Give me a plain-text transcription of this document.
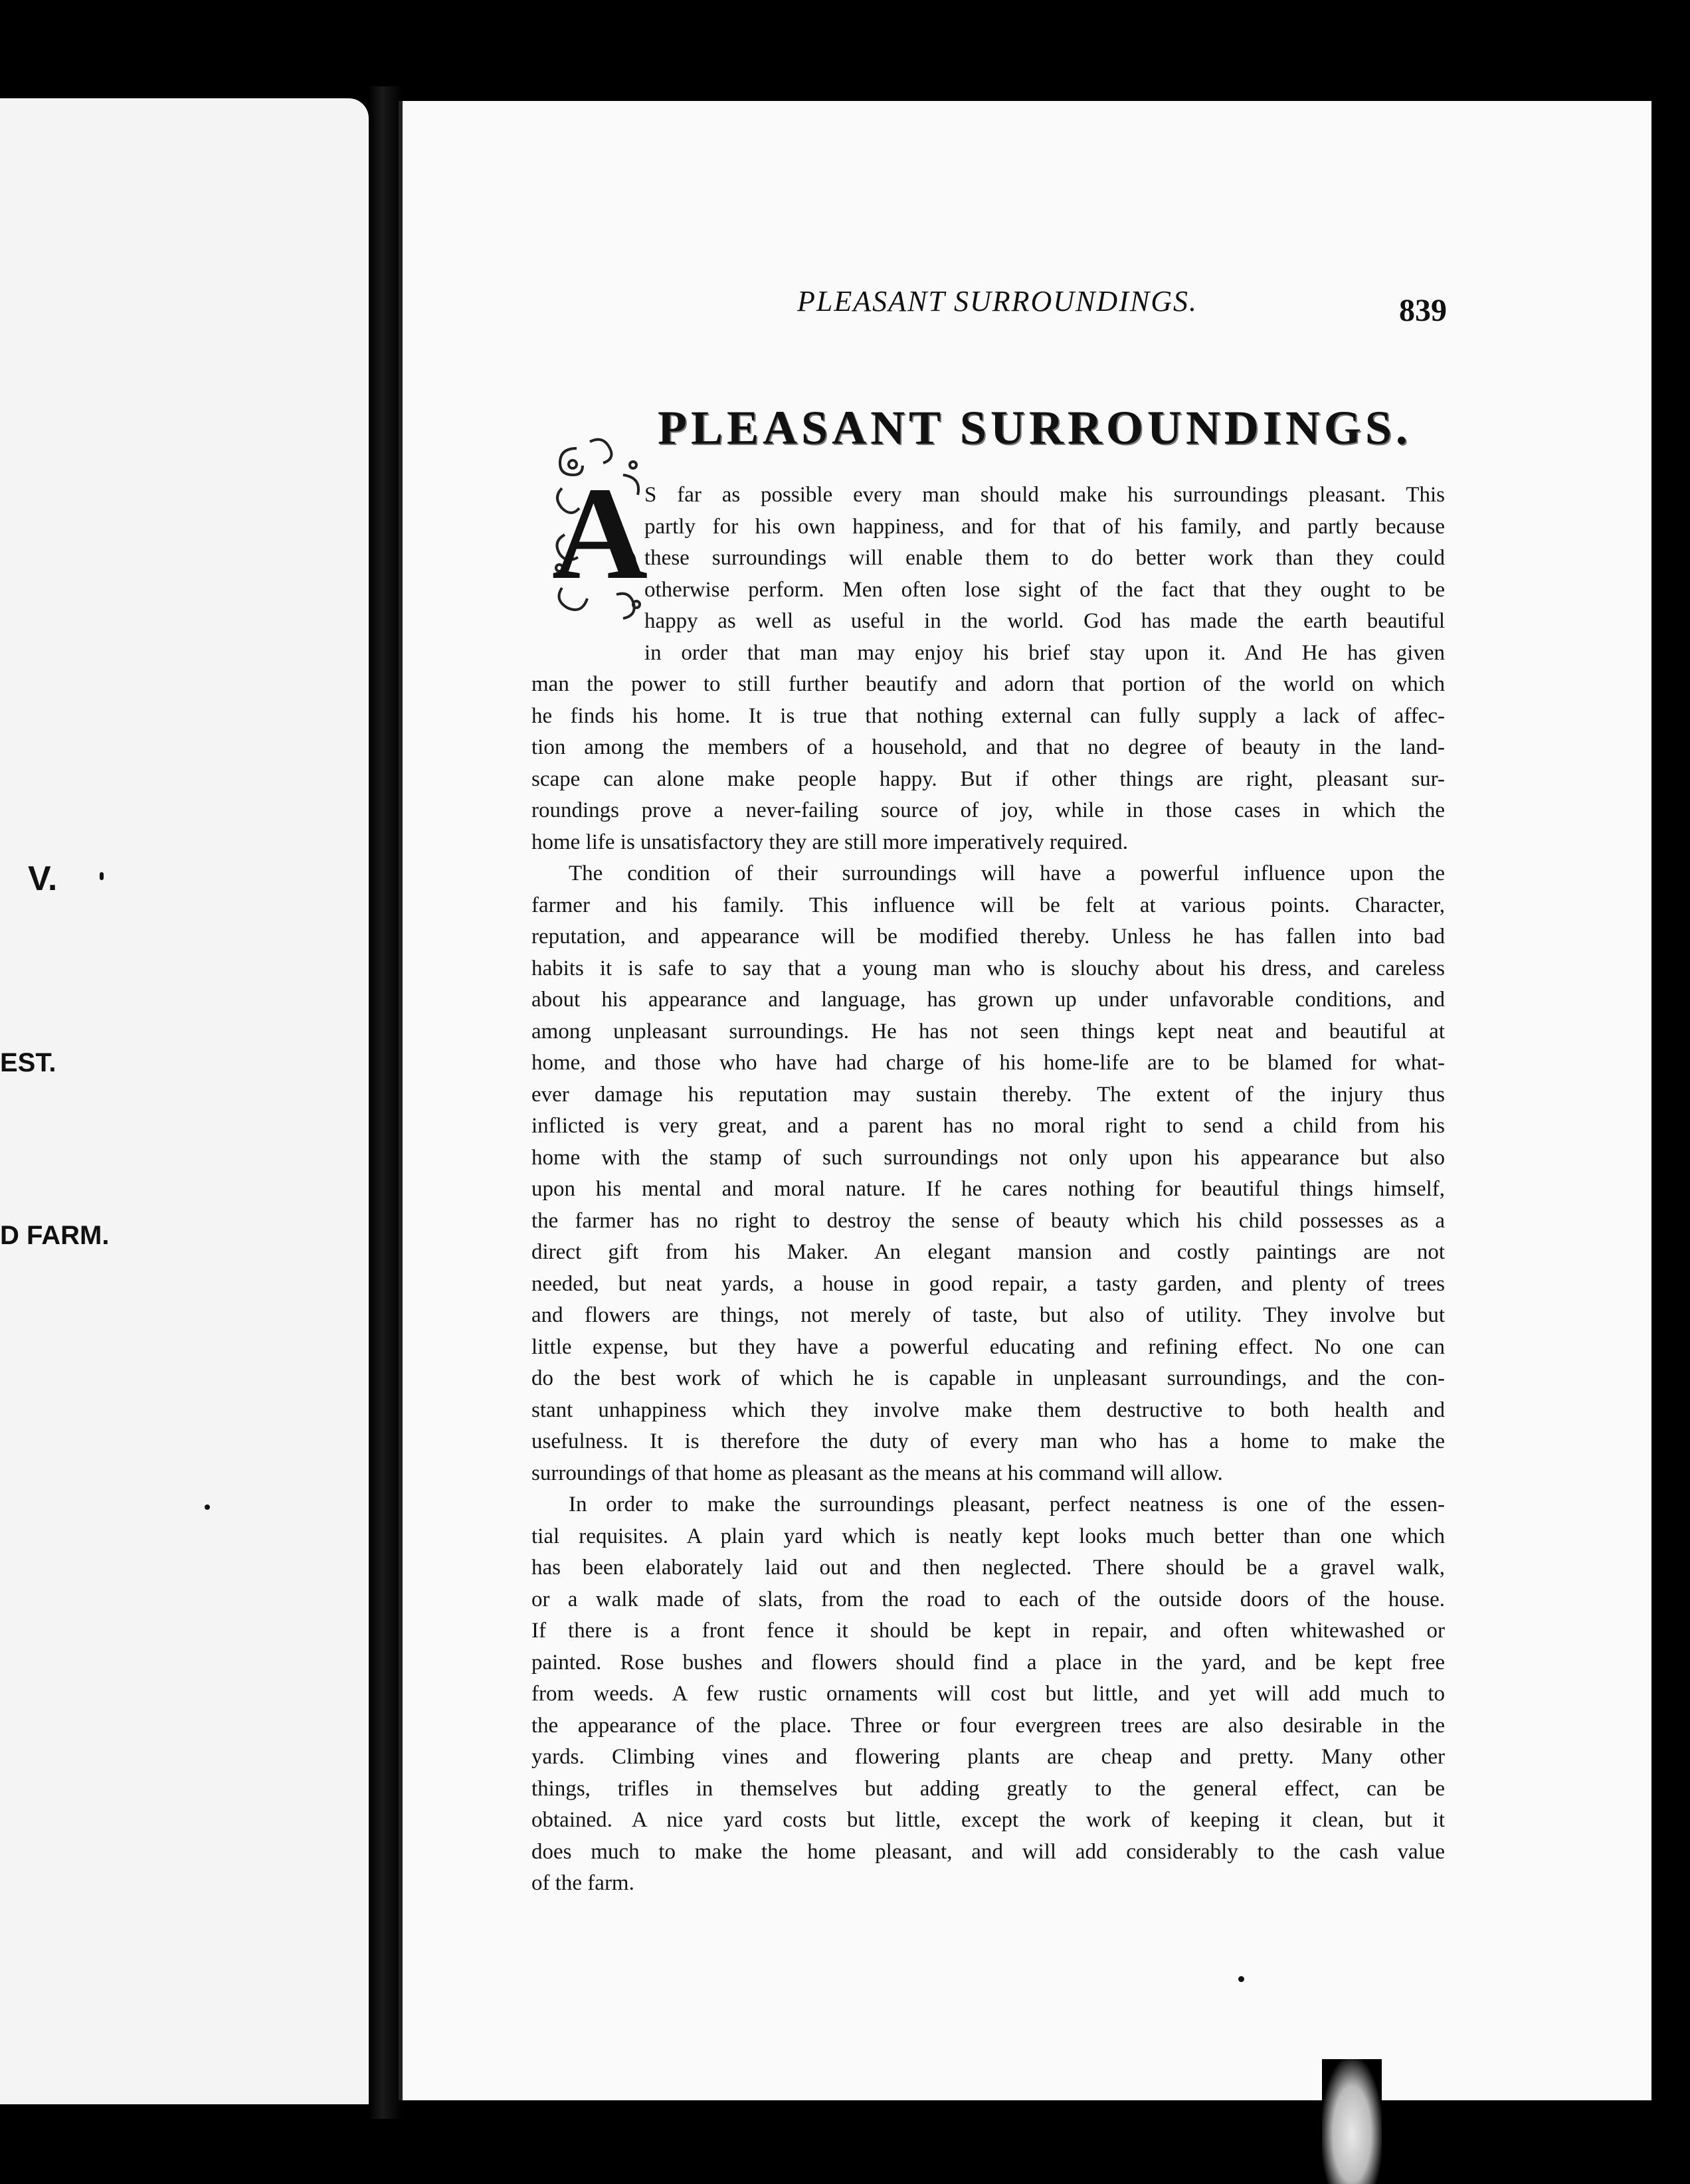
V.
EST.
D FARM.
PLEASANT SURROUNDINGS.	839
PLEASANT SURROUNDINGS.
A
S far as possible every man should make his surroundings pleasant. This
partly for his own happiness, and for that of his family, and partly because
these surroundings will enable them to do better work than they could
otherwise perform. Men often lose sight of the fact that they ought to be
happy as well as useful in the world. God has made the earth beautiful
in order that man may enjoy his brief stay upon it. And He has given
man the power to still further beautify and adorn that portion of the world on which
he finds his home. It is true that nothing external can fully supply a lack of affec-
tion among the members of a household, and that no degree of beauty in the land-
scape can alone make people happy. But if other things are right, pleasant sur-
roundings prove a never-failing source of joy, while in those cases in which the
home life is unsatisfactory they are still more imperatively required.
The condition of their surroundings will have a powerful influence upon the
farmer and his family. This influence will be felt at various points. Character,
reputation, and appearance will be modified thereby. Unless he has fallen into bad
habits it is safe to say that a young man who is slouchy about his dress, and careless
about his appearance and language, has grown up under unfavorable conditions, and
among unpleasant surroundings. He has not seen things kept neat and beautiful at
home, and those who have had charge of his home-life are to be blamed for what-
ever damage his reputation may sustain thereby. The extent of the injury thus
inflicted is very great, and a parent has no moral right to send a child from his
home with the stamp of such surroundings not only upon his appearance but also
upon his mental and moral nature. If he cares nothing for beautiful things himself,
the farmer has no right to destroy the sense of beauty which his child possesses as a
direct gift from his Maker. An elegant mansion and costly paintings are not
needed, but neat yards, a house in good repair, a tasty garden, and plenty of trees
and flowers are things, not merely of taste, but also of utility. They involve but
little expense, but they have a powerful educating and refining effect. No one can
do the best work of which he is capable in unpleasant surroundings, and the con-
stant unhappiness which they involve make them destructive to both health and
usefulness. It is therefore the duty of every man who has a home to make the
surroundings of that home as pleasant as the means at his command will allow.
In order to make the surroundings pleasant, perfect neatness is one of the essen-
tial requisites. A plain yard which is neatly kept looks much better than one which
has been elaborately laid out and then neglected. There should be a gravel walk,
or a walk made of slats, from the road to each of the outside doors of the house.
If there is a front fence it should be kept in repair, and often whitewashed or
painted. Rose bushes and flowers should find a place in the yard, and be kept free
from weeds. A few rustic ornaments will cost but little, and yet will add much to
the appearance of the place. Three or four evergreen trees are also desirable in the
yards. Climbing vines and flowering plants are cheap and pretty. Many other
things, trifles in themselves but adding greatly to the general effect, can be
obtained. A nice yard costs but little, except the work of keeping it clean, but it
does much to make the home pleasant, and will add considerably to the cash value
of the farm.
